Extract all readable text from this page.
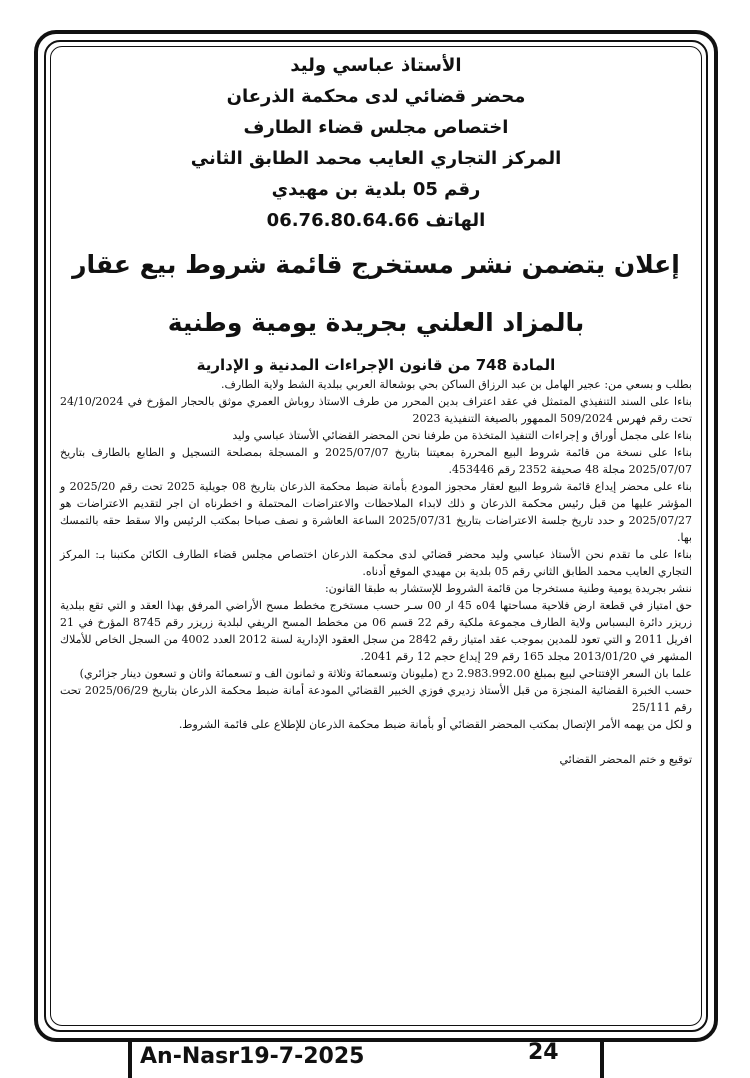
الأستاذ عباسي وليد

محضر قضائي لدى محكمة الذرعان

اختصاص مجلس قضاء الطارف

المركز التجاري العايب محمد الطابق الثاني

رقم 05 بلدية بن مهيدي

الهاتف 06.76.80.64.66

إعلان يتضمن نشر مستخرج قائمة شروط بيع عقار

بالمزاد العلني بجريدة يومية وطنية

المادة 748 من قانون الإجراءات المدنية و الإدارية

بطلب و بسعي من: عجير الهامل بن عبد الرزاق الساكن بحي بوشعالة العربي ببلدية الشط ولاية الطارف.

بناءا على السند التنفيذي المتمثل في عقد اعتراف بدين المحرر من طرف الاستاذ روباش العمري موثق بالحجار المؤرخ في 24/10/2024 تحت رقم فهرس 509/2024 الممهور بالصيغة التنفيذية 2023

بناءا على مجمل أوراق و إجراءات التنفيذ المتخذة من طرفنا نحن المحضر القضائي الأستاذ عباسي وليد

بناءا على نسخة من قائمة شروط البيع المحررة بمعيتنا بتاريخ 2025/07/07 و المسجلة بمصلحة التسجيل و الطابع بالطارف بتاريخ 2025/07/07 مجلة 48 صحيفة 2352 رقم 453446.

بناء على محضر إيداع قائمة شروط البيع لعقار محجوز المودع بأمانة ضبط محكمة الذرعان بتاريخ 08 جويلية 2025 تحت رقم 2025/20 و المؤشر عليها من قبل رئيس محكمة الذرعان و ذلك لابداء الملاحظات والاعتراضات المحتملة و اخطرناه ان اجر لتقديم الاعتراضات هو 2025/07/27 و حدد تاريخ جلسة الاعتراضات بتاريخ 2025/07/31 الساعة العاشرة و نصف صباحا بمكتب الرئيس والا سقط حقه بالتمسك بها.

بناءا على ما تقدم نحن الأستاذ عباسي وليد محضر قضائي لدى محكمة الذرعان اختصاص مجلس قضاء الطارف الكائن مكتبنا بـ: المركز التجاري العايب محمد الطابق الثاني رقم 05 بلدية بن مهيدي الموقع أدناه.

ننشر بجريدة يومية وطنية مستخرجا من قائمة الشروط للإستشار به طبقا القانون:

حق امتياز في قطعة ارض فلاحية مساحتها 04ه 45 ار 00 سـر حسب مستخرج مخطط مسح الأراضي المرفق بهذا العقد و التي تقع ببلدية زريزر دائرة البسباس ولاية الطارف مجموعة ملكية رقم 22 قسم 06 من مخطط المسح الريفي لبلدية زريزر رقم 8745 المؤرخ في 21 افريل 2011 و التي تعود للمدين بموجب عقد امتياز رقم 2842 من سجل العقود الإدارية لسنة 2012 العدد 4002 من السجل الخاص للأملاك المشهر في 2013/01/20 مجلد 165 رقم 29 إيداع حجم 12 رقم 2041.

علما بان السعر الإفتتاحي لبيع بمبلغ 2.983.992.00 دج (مليونان وتسعمائة وثلاثة و ثمانون الف و تسعمائة واثان و تسعون دينار جزائري)

حسب الخبرة القضائية المنجزة من قبل الأستاذ زديري فوزي الخبير القضائي المودعة أمانة ضبط محكمة الذرعان بتاريخ 2025/06/29 تحت رقم 25/111

و لكل من يهمه الأمر الإتصال بمكتب المحضر القضائي أو بأمانة ضبط محكمة الذرعان للإطلاع على قائمة الشروط.

توقيع و ختم المحضر القضائي
An-Nasr19-7-2025	24
